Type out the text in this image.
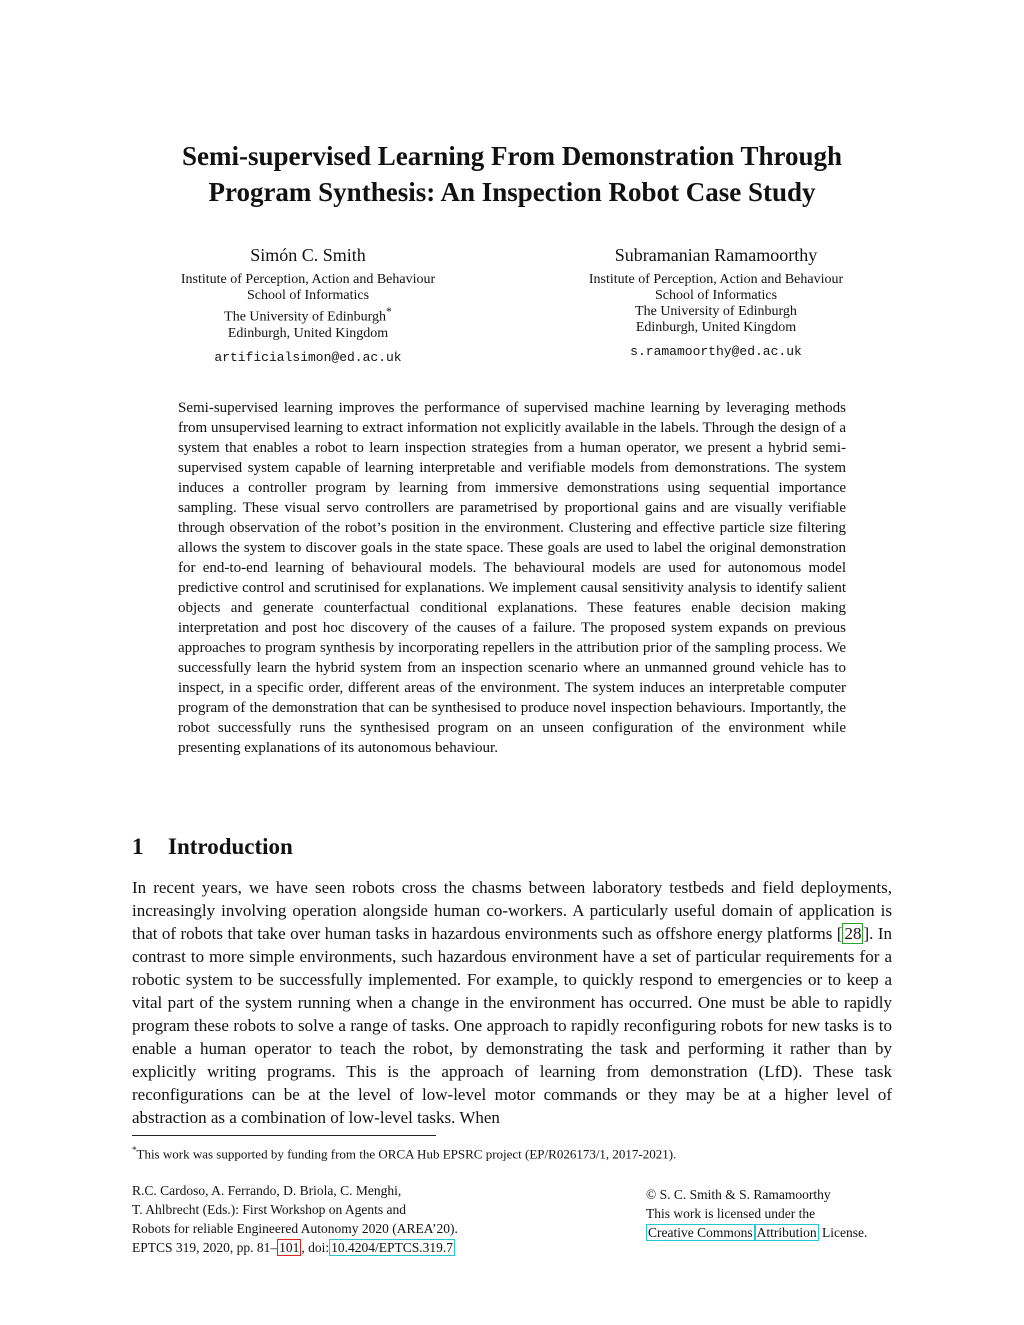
Semi-supervised Learning From Demonstration Through
Program Synthesis: An Inspection Robot Case Study
Simón C. Smith
Institute of Perception, Action and Behaviour
School of Informatics
The University of Edinburgh*
Edinburgh, United Kingdom
artificialsimon@ed.ac.uk
Subramanian Ramamoorthy
Institute of Perception, Action and Behaviour
School of Informatics
The University of Edinburgh
Edinburgh, United Kingdom
s.ramamoorthy@ed.ac.uk
Semi-supervised learning improves the performance of supervised machine learning by leveraging methods from unsupervised learning to extract information not explicitly available in the labels. Through the design of a system that enables a robot to learn inspection strategies from a human operator, we present a hybrid semi-supervised system capable of learning interpretable and verifiable models from demonstrations. The system induces a controller program by learning from immersive demonstrations using sequential importance sampling. These visual servo controllers are parametrised by proportional gains and are visually verifiable through observation of the robot’s position in the environment. Clustering and effective particle size filtering allows the system to discover goals in the state space. These goals are used to label the original demonstration for end-to-end learning of behavioural models. The behavioural models are used for autonomous model predictive control and scrutinised for explanations. We implement causal sensitivity analysis to identify salient objects and generate counterfactual conditional explanations. These features enable decision making interpretation and post hoc discovery of the causes of a failure. The proposed system expands on previous approaches to program synthesis by incorporating repellers in the attribution prior of the sampling process. We successfully learn the hybrid system from an inspection scenario where an unmanned ground vehicle has to inspect, in a specific order, different areas of the environment. The system induces an interpretable computer program of the demonstration that can be synthesised to produce novel inspection behaviours. Importantly, the robot successfully runs the synthesised program on an unseen configuration of the environment while presenting explanations of its autonomous behaviour.
1 Introduction
In recent years, we have seen robots cross the chasms between laboratory testbeds and field deployments, increasingly involving operation alongside human co-workers. A particularly useful domain of application is that of robots that take over human tasks in hazardous environments such as offshore energy platforms [ 28 ]. In contrast to more simple environments, such hazardous environment have a set of particular requirements for a robotic system to be successfully implemented. For example, to quickly respond to emergencies or to keep a vital part of the system running when a change in the environment has occurred. One must be able to rapidly program these robots to solve a range of tasks. One approach to rapidly reconfiguring robots for new tasks is to enable a human operator to teach the robot, by demonstrating the task and performing it rather than by explicitly writing programs. This is the approach of learning from demonstration (LfD). These task reconfigurations can be at the level of low-level motor commands or they may be at a higher level of abstraction as a combination of low-level tasks. When
*This work was supported by funding from the ORCA Hub EPSRC project (EP/R026173/1, 2017-2021).
R.C. Cardoso, A. Ferrando, D. Briola, C. Menghi,
T. Ahlbrecht (Eds.): First Workshop on Agents and
Robots for reliable Engineered Autonomy 2020 (AREA’20).
EPTCS 319, 2020, pp. 81– 101 , doi: 10.4204/EPTCS.319.7
© S. C. Smith & S. Ramamoorthy
This work is licensed under the
Creative Commons Attribution License.
